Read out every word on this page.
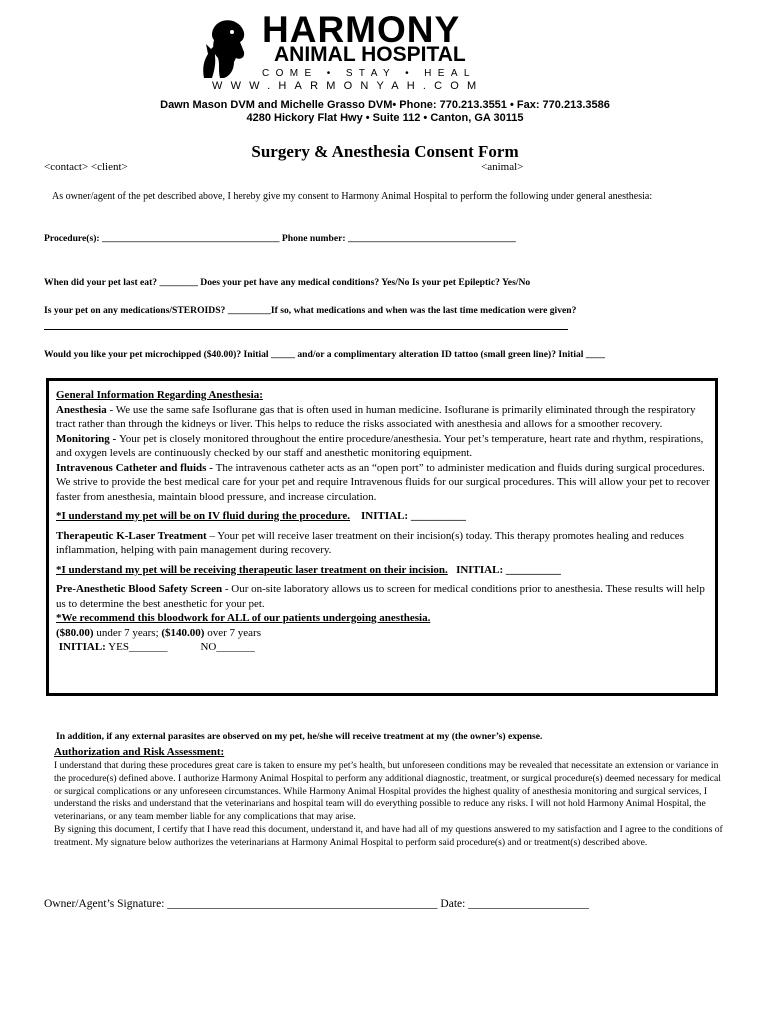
HARMONY
ANIMAL HOSPITAL
COME • STAY • HEAL
WWW.HARMONYAH.COM
Dawn Mason DVM and Michelle Grasso DVM• Phone: 770.213.3551 • Fax: 770.213.3586
4280 Hickory Flat Hwy • Suite 112 • Canton, GA 30115
Surgery & Anesthesia Consent Form
<contact> <client>	<animal>
As owner/agent of the pet described above, I hereby give my consent to Harmony Animal Hospital to perform the following under general anesthesia:
Procedure(s): _____________________________________ Phone number: ___________________________________
When did your pet last eat? ________ Does your pet have any medical conditions? Yes/No Is your pet Epileptic? Yes/No
Is your pet on any medications/STEROIDS? _________If so, what medications and when was the last time medication were given?
Would you like your pet microchipped ($40.00)? Initial _____ and/or a complimentary alteration ID tattoo (small green line)? Initial ____

General Information Regarding Anesthesia:

Anesthesia - We use the same safe Isoflurane gas that is often used in human medicine. Isoflurane is primarily eliminated through the respiratory tract rather than through the kidneys or liver. This helps to reduce the risks associated with anesthesia and allows for a smoother recovery.

Monitoring - Your pet is closely monitored throughout the entire procedure/anesthesia. Your pet’s temperature, heart rate and rhythm, respirations, and oxygen levels are continuously checked by our staff and anesthetic monitoring equipment.

Intravenous Catheter and fluids - The intravenous catheter acts as an “open port” to administer medication and fluids during surgical procedures. We strive to provide the best medical care for your pet and require Intravenous fluids for our surgical procedures. This will allow your pet to recover faster from anesthesia, maintain blood pressure, and increase circulation.

*I understand my pet will be on IV fluid during the procedure. INITIAL: __________

Therapeutic K-Laser Treatment – Your pet will receive laser treatment on their incision(s) today. This therapy promotes healing and reduces inflammation, helping with pain management during recovery.

*I understand my pet will be receiving therapeutic laser treatment on their incision. INITIAL: __________

Pre-Anesthetic Blood Safety Screen - Our on-site laboratory allows us to screen for medical conditions prior to anesthesia. These results will help us to determine the best anesthetic for your pet.

*We recommend this bloodwork for ALL of our patients undergoing anesthesia.

($80.00) under 7 years; ($140.00) over 7 years

INITIAL: YES_______	NO_______

In addition, if any external parasites are observed on my pet, he/she will receive treatment at my (the owner’s) expense.
Authorization and Risk Assessment:

I understand that during these procedures great care is taken to ensure my pet’s health, but unforeseen conditions may be revealed that necessitate an extension or variance in the procedure(s) defined above. I authorize Harmony Animal Hospital to perform any additional diagnostic, treatment, or surgical procedure(s) deemed necessary for medical or surgical complications or any unforeseen circumstances. While Harmony Animal Hospital provides the highest quality of anesthesia monitoring and surgical services, I understand the risks and understand that the veterinarians and hospital team will do everything possible to reduce any risks. I will not hold Harmony Animal Hospital, the veterinarians, or any team member liable for any complications that may arise.

By signing this document, I certify that I have read this document, understand it, and have had all of my questions answered to my satisfaction and I agree to the conditions of treatment. My signature below authorizes the veterinarians at Harmony Animal Hospital to perform said procedure(s) and or treatment(s) described above.

Owner/Agent’s Signature: _______________________________________________ Date: _____________________
